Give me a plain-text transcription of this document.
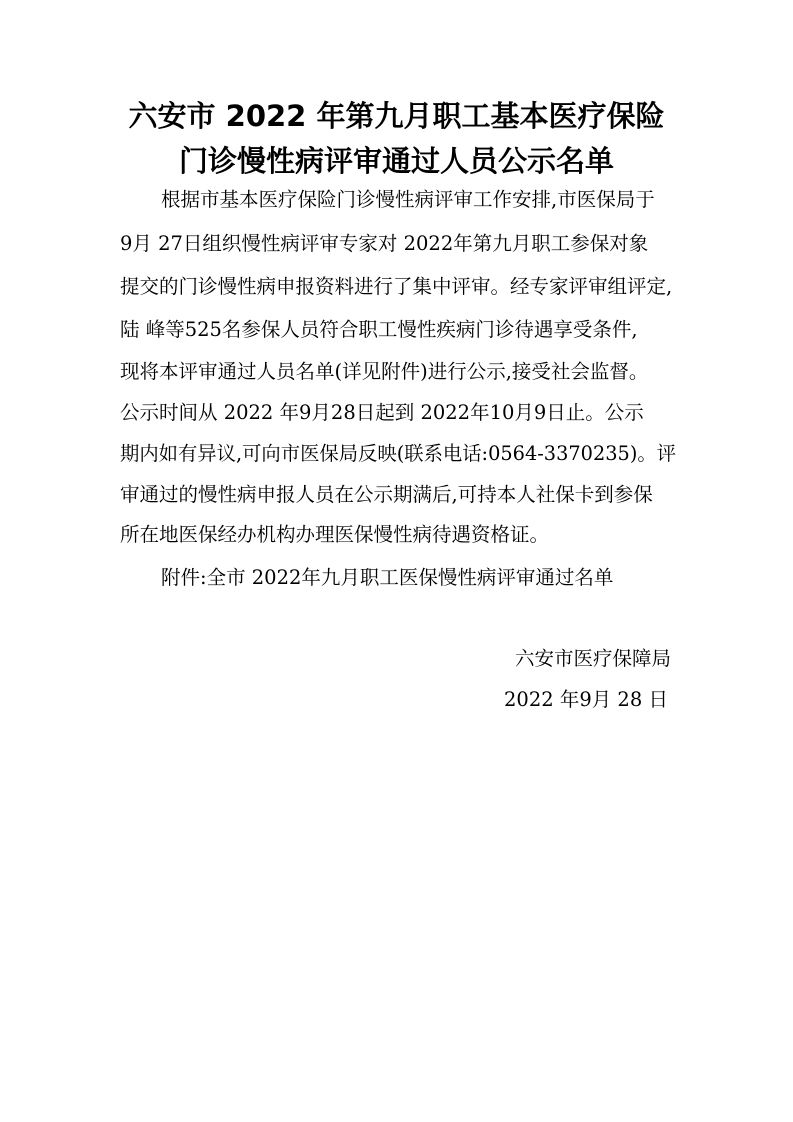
六安市 2022 年第九月职工基本医疗保险
门诊慢性病评审通过人员公示名单
根据市基本医疗保险门诊慢性病评审工作安排,市医保局于
9月 27日组织慢性病评审专家对 2022年第九月职工参保对象
提交的门诊慢性病申报资料进行了集中评审。经专家评审组评定,
陆 峰等525名参保人员符合职工慢性疾病门诊待遇享受条件,
现将本评审通过人员名单(详见附件)进行公示,接受社会监督。
公示时间从 2022 年9月28日起到 2022年10月9日止。公示
期内如有异议,可向市医保局反映(联系电话:0564-3370235)。评
审通过的慢性病申报人员在公示期满后,可持本人社保卡到参保
所在地医保经办机构办理医保慢性病待遇资格证。
附件:全市 2022年九月职工医保慢性病评审通过名单
六安市医疗保障局
2022 年9月 28 日
